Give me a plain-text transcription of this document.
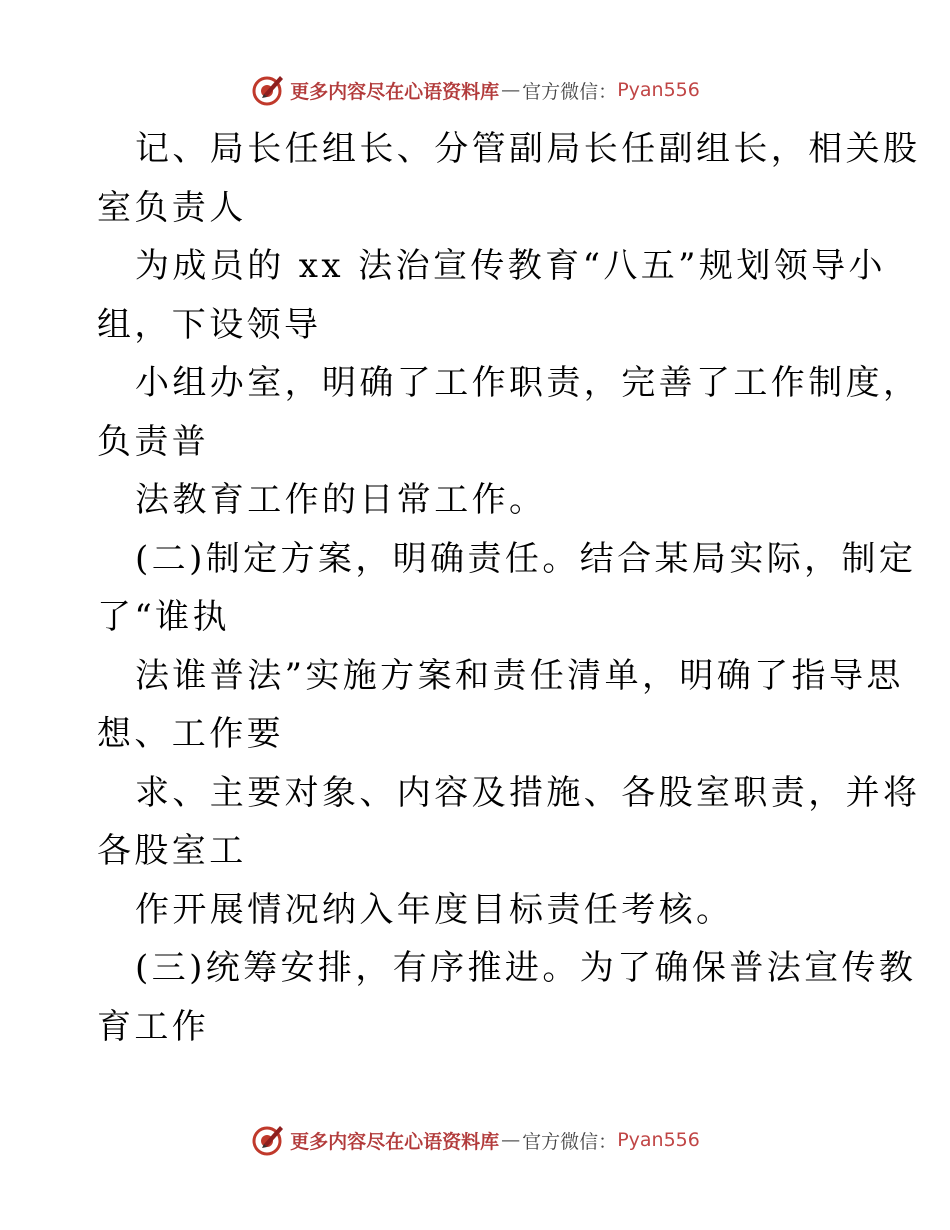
更多内容尽在心语资料库 — 官方微信： Pyan556
记、局长任组长、分管副局长任副组长，相关股
室负责人
为成员的 xx 法治宣传教育“八五”规划领导小
组，下设领导
小组办室，明确了工作职责，完善了工作制度，
负责普
法教育工作的日常工作。
(二)制定方案，明确责任。结合某局实际，制定
了“谁执
法谁普法”实施方案和责任清单，明确了指导思
想、工作要
求、主要对象、内容及措施、各股室职责，并将
各股室工
作开展情况纳入年度目标责任考核。
(三)统筹安排，有序推进。为了确保普法宣传教
育工作
更多内容尽在心语资料库 — 官方微信： Pyan556
